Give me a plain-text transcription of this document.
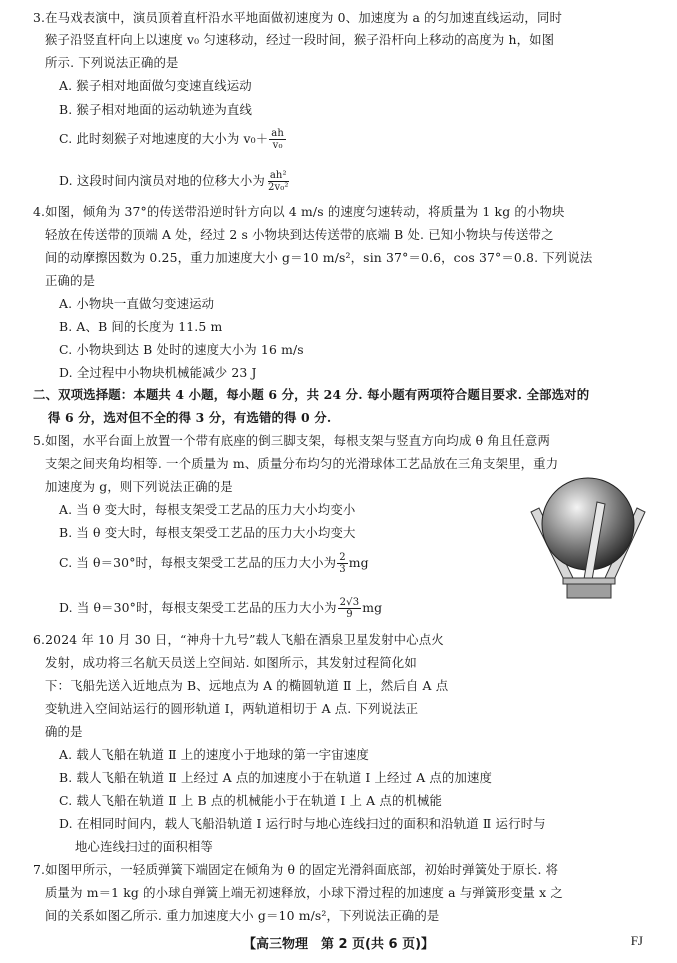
3.在马戏表演中，演员顶着直杆沿水平地面做初速度为 0、加速度为 a 的匀加速直线运动，同时
猴子沿竖直杆向上以速度 v₀ 匀速移动，经过一段时间，猴子沿杆向上移动的高度为 h，如图
所示. 下列说法正确的是
A. 猴子相对地面做匀变速直线运动
B. 猴子相对地面的运动轨迹为直线
C. 此时刻猴子对地速度的大小为 $v_0+ \frac{ah}{\text{v₀}}$
D. 这段时间内演员对地的位移大小为 $\frac{\text{ah²}}{\text{2v₀²}}$
4.如图，倾角为 37°的传送带沿逆时针方向以 4 m/s 的速度匀速转动，将质量为 1 kg 的小物块
轻放在传送带的顶端 A 处，经过 2 s 小物块到达传送带的底端 B 处. 已知小物块与传送带之
间的动摩擦因数为 0.25，重力加速度大小 g＝10 m/s²，sin 37°＝0.6，cos 37°＝0.8. 下列说法
正确的是
A. 小物块一直做匀变速运动
B. A、B 间的长度为 11.5 m
C. 小物块到达 B 处时的速度大小为 16 m/s
D. 全过程中小物块机械能减少 23 J
二、双项选择题：本题共 4 小题，每小题 6 分，共 24 分. 每小题有两项符合题目要求. 全部选对的
得 6 分，选对但不全的得 3 分，有选错的得 0 分.
5.如图，水平台面上放置一个带有底座的倒三脚支架，每根支架与竖直方向均成 θ 角且任意两
支架之间夹角均相等. 一个质量为 m、质量分布均匀的光滑球体工艺品放在三角支架里，重力
加速度为 g，则下列说法正确的是
A. 当 θ 变大时，每根支架受工艺品的压力大小均变小
B. 当 θ 变大时，每根支架受工艺品的压力大小均变大
C. 当 θ＝30°时，每根支架受工艺品的压力大小为 $\frac{2}{3}$ mg
D. 当 θ＝30°时，每根支架受工艺品的压力大小为 $\frac{2√3}{9}$ mg
6.2024 年 10 月 30 日，“神舟十九号”载人飞船在酒泉卫星发射中心点火
发射，成功将三名航天员送上空间站. 如图所示，其发射过程简化如
下：飞船先送入近地点为 B、远地点为 A 的椭圆轨道 Ⅱ 上，然后自 A 点
变轨进入空间站运行的圆形轨道 Ⅰ，两轨道相切于 A 点. 下列说法正
确的是
A. 载人飞船在轨道 Ⅱ 上的速度小于地球的第一宇宙速度
B. 载人飞船在轨道 Ⅱ 上经过 A 点的加速度小于在轨道 Ⅰ 上经过 A 点的加速度
C. 载人飞船在轨道 Ⅱ 上 B 点的机械能小于在轨道 Ⅰ 上 A 点的机械能
D. 在相同时间内，载人飞船沿轨道 Ⅰ 运行时与地心连线扫过的面积和沿轨道 Ⅱ 运行时与
地心连线扫过的面积相等
7.如图甲所示，一轻质弹簧下端固定在倾角为 θ 的固定光滑斜面底部，初始时弹簧处于原长. 将
质量为 m＝1 kg 的小球自弹簧上端无初速释放，小球下滑过程的加速度 a 与弹簧形变量 x 之
间的关系如图乙所示. 重力加速度大小 g＝10 m/s²，下列说法正确的是
【高三物理　第 2 页(共 6 页)】	FJ
